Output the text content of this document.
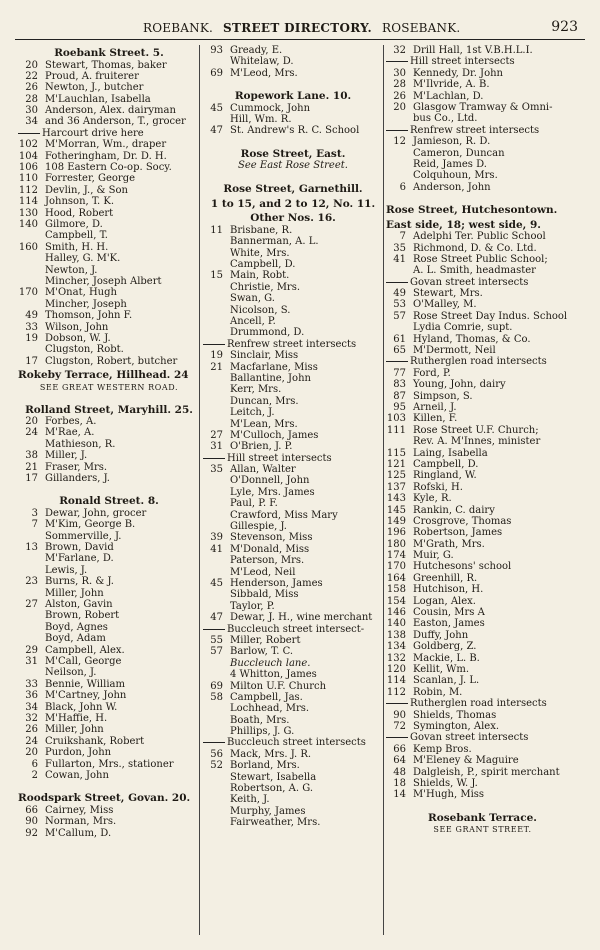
ROEBANK. STREET DIRECTORY. ROSEBANK.	923
Roebank Street. 5.
20 Stewart, Thomas, baker
22 Proud, A. fruiterer
26 Newton, J., butcher
28 M'Lauchlan, Isabella
30 Anderson, Alex. dairyman
34 and 36 Anderson, T., grocer
Harcourt drive here
102 M'Morran, Wm., draper
104 Fotheringham, Dr. D. H.
106 108 Eastern Co-op. Socy.
110 Forrester, George
112 Devlin, J., & Son
114 Johnson, T. K.
130 Hood, Robert
140 Gilmore, D.
Campbell, T.
160 Smith, H. H.
Halley, G. M'K.
Newton, J.
Mincher, Joseph Albert
170 M'Onat, Hugh
Mincher, Joseph
49 Thomson, John F.
33 Wilson, John
19 Dobson, W. J.
Clugston, Robt.
17 Clugston, Robert, butcher
Rokeby Terrace, Hillhead. 24
SEE GREAT WESTERN ROAD.
Rolland Street, Maryhill. 25.
20 Forbes, A.
24 M'Rae, A.
Mathieson, R.
38 Miller, J.
21 Fraser, Mrs.
17 Gillanders, J.
Ronald Street. 8.
3 Dewar, John, grocer
7 M'Kim, George B.
Sommerville, J.
13 Brown, David
M'Farlane, D.
Lewis, J.
23 Burns, R. & J.
Miller, John
27 Alston, Gavin
Brown, Robert
Boyd, Agnes
Boyd, Adam
29 Campbell, Alex.
31 M'Call, George
Neilson, J.
33 Bennie, William
36 M'Cartney, John
34 Black, John W.
32 M'Haffie, H.
26 Miller, John
24 Cruikshank, Robert
20 Purdon, John
6 Fullarton, Mrs., stationer
2 Cowan, John
Roodspark Street, Govan. 20.
66 Cairney, Miss
90 Norman, Mrs.
92 M'Callum, D.
93 Gready, E.
Whitelaw, D.
69 M'Leod, Mrs.
Ropework Lane. 10.
45 Cummock, John
Hill, Wm. R.
47 St. Andrew's R. C. School
Rose Street, East.
See East Rose Street.
Rose Street, Garnethill.
1 to 15, and 2 to 12, No. 11.
Other Nos. 16.
11 Brisbane, R.
Bannerman, A. L.
White, Mrs.
Campbell, D.
15 Main, Robt.
Christie, Mrs.
Swan, G.
Nicolson, S.
Ancell, P.
Drummond, D.
Renfrew street intersects
19 Sinclair, Miss
21 Macfarlane, Miss
Ballantine, John
Kerr, Mrs.
Duncan, Mrs.
Leitch, J.
M'Lean, Mrs.
27 M'Culloch, James
31 O'Brien, J. P.
Hill street intersects
35 Allan, Walter
O'Donnell, John
Lyle, Mrs. James
Paul, P. F.
Crawford, Miss Mary
Gillespie, J.
39 Stevenson, Miss
41 M'Donald, Miss
Paterson, Mrs.
M'Leod, Neil
45 Henderson, James
Sibbald, Miss
Taylor, P.
47 Dewar, J. H., wine merchant
Buccleuch street intersect-
55 Miller, Robert
57 Barlow, T. C.
Buccleuch lane.
4 Whitton, James
69 Milton U.F. Church
58 Campbell, Jas.
Lochhead, Mrs.
Boath, Mrs.
Phillips, J. G.
Buccleuch street intersects
56 Mack, Mrs. J. R.
52 Borland, Mrs.
Stewart, Isabella
Robertson, A. G.
Keith, J.
Murphy, James
Fairweather, Mrs.
32 Drill Hall, 1st V.B.H.L.I.
Hill street intersects
30 Kennedy, Dr. John
28 M'Ilvride, A. B.
26 M'Lachlan, D.
20 Glasgow Tramway & Omni-
bus Co., Ltd.
Renfrew street intersects
12 Jamieson, R. D.
Cameron, Duncan
Reid, James D.
Colquhoun, Mrs.
6 Anderson, John
Rose Street, Hutchesontown.
East side, 18; west side, 9.
7 Adelphi Ter. Public School
35 Richmond, D. & Co. Ltd.
41 Rose Street Public School;
A. L. Smith, headmaster
Govan street intersects
49 Stewart, Mrs.
53 O'Malley, M.
57 Rose Street Day Indus. School
Lydia Comrie, supt.
61 Hyland, Thomas, & Co.
65 M'Dermott, Neil
Rutherglen road intersects
77 Ford, P.
83 Young, John, dairy
87 Simpson, S.
95 Arneil, J.
103 Killen, F.
111 Rose Street U.F. Church;
Rev. A. M'Innes, minister
115 Laing, Isabella
121 Campbell, D.
125 Ringland, W.
137 Rofski, H.
143 Kyle, R.
145 Rankin, C. dairy
149 Crosgrove, Thomas
196 Robertson, James
180 M'Grath, Mrs.
174 Muir, G.
170 Hutchesons' school
164 Greenhill, R.
158 Hutchison, H.
154 Logan, Alex.
146 Cousin, Mrs A
140 Easton, James
138 Duffy, John
134 Goldberg, Z.
132 Mackie, L. B.
120 Kellit, Wm.
114 Scanlan, J. L.
112 Robin, M.
Rutherglen road intersects
90 Shields, Thomas
72 Symington, Alex.
Govan street intersects
66 Kemp Bros.
64 M'Eleney & Maguire
48 Dalgleish, P., spirit merchant
18 Shields, W. J.
14 M'Hugh, Miss
Rosebank Terrace.
SEE GRANT STREET.
